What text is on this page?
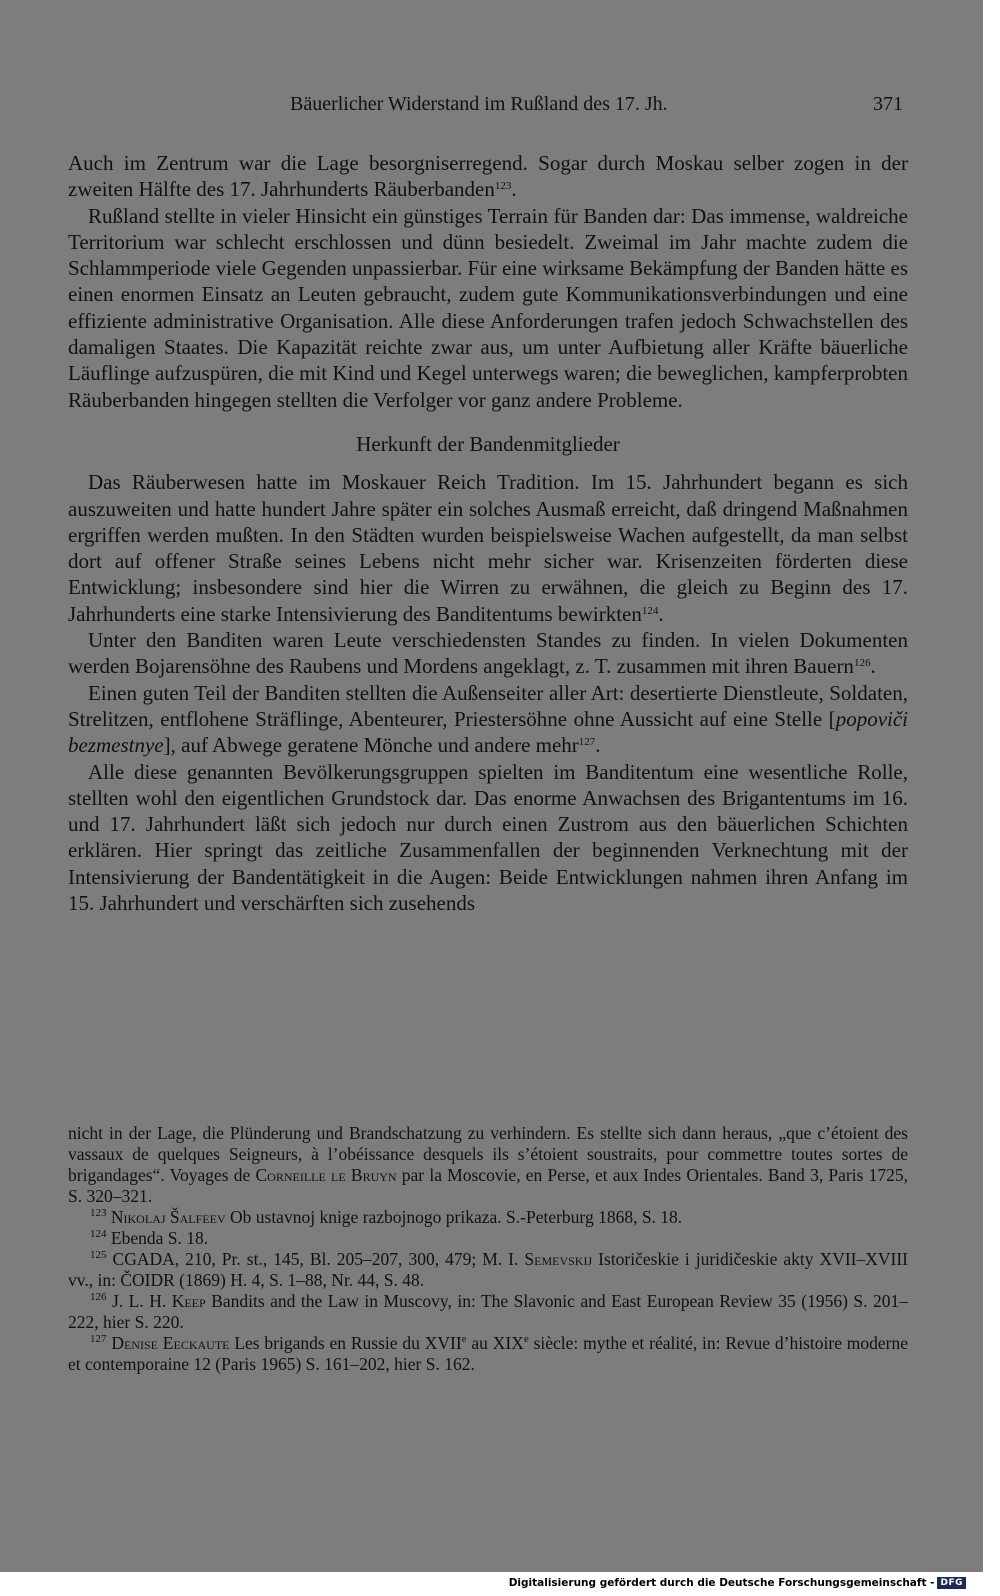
Bäuerlicher Widerstand im Rußland des 17. Jh.	371

Auch im Zentrum war die Lage besorgniserregend. Sogar durch Moskau selber zogen in der zweiten Hälfte des 17. Jahrhunderts Räuberbanden$^{123}$.

Rußland stellte in vieler Hinsicht ein günstiges Terrain für Banden dar: Das immense, waldreiche Territorium war schlecht erschlossen und dünn besiedelt. Zweimal im Jahr machte zudem die Schlammperiode viele Gegenden unpassierbar. Für eine wirksame Bekämpfung der Banden hätte es einen enormen Einsatz an Leuten gebraucht, zudem gute Kommunikationsverbindungen und eine effiziente administrative Organisation. Alle diese Anforderungen trafen jedoch Schwachstellen des damaligen Staates. Die Kapazität reichte zwar aus, um unter Aufbietung aller Kräfte bäuerliche Läuflinge aufzuspüren, die mit Kind und Kegel unterwegs waren; die beweglichen, kampferprobten Räuberbanden hingegen stellten die Verfolger vor ganz andere Probleme.

Herkunft der Bandenmitglieder

Das Räuberwesen hatte im Moskauer Reich Tradition. Im 15. Jahrhundert begann es sich auszuweiten und hatte hundert Jahre später ein solches Ausmaß erreicht, daß dringend Maßnahmen ergriffen werden mußten. In den Städten wurden beispielsweise Wachen aufgestellt, da man selbst dort auf offener Straße seines Lebens nicht mehr sicher war. Krisenzeiten förderten diese Entwicklung; insbesondere sind hier die Wirren zu erwähnen, die gleich zu Beginn des 17. Jahrhunderts eine starke Intensivierung des Banditentums bewirkten$^{124}$.

Unter den Banditen waren Leute verschiedensten Standes zu finden. In vielen Dokumenten werden Bojarensöhne des Raubens und Mordens angeklagt, z. T. zusammen mit ihren Bauern$^{126}$.

Einen guten Teil der Banditen stellten die Außenseiter aller Art: desertierte Dienstleute, Soldaten, Strelitzen, entflohene Sträflinge, Abenteurer, Priestersöhne ohne Aussicht auf eine Stelle [popoviči bezmestnye], auf Abwege geratene Mönche und andere mehr$^{127}$.

Alle diese genannten Bevölkerungsgruppen spielten im Banditentum eine wesentliche Rolle, stellten wohl den eigentlichen Grundstock dar. Das enorme Anwachsen des Brigantentums im 16. und 17. Jahrhundert läßt sich jedoch nur durch einen Zustrom aus den bäuerlichen Schichten erklären. Hier springt das zeitliche Zusammenfallen der beginnenden Verknechtung mit der Intensivierung der Bandentätigkeit in die Augen: Beide Entwicklungen nahmen ihren Anfang im 15. Jahrhundert und verschärften sich zusehends

nicht in der Lage, die Plünderung und Brandschatzung zu verhindern. Es stellte sich dann heraus, „que c’étoient des vassaux de quelques Seigneurs, à l’obéissance desquels ils s’étoient soustraits, pour commettre toutes sortes de brigandages“. Voyages de Corneille le Bruyn par la Moscovie, en Perse, et aux Indes Orientales. Band 3, Paris 1725, S. 320–321.

$^{123}$ Nikolaj Šalfeev Ob ustavnoj knige razbojnogo prikaza. S.-Peterburg 1868, S. 18.

$^{124}$ Ebenda S. 18.

$^{125}$ CGADA, 210, Pr. st., 145, Bl. 205–207, 300, 479; M. I. Semevskij Istoričeskie i juridičeskie akty XVII–XVIII vv., in: ČOIDR (1869) H. 4, S. 1–88, Nr. 44, S. 48.

$^{126}$ J. L. H. Keep Bandits and the Law in Muscovy, in: The Slavonic and East European Review 35 (1956) S. 201–222, hier S. 220.

$^{127}$ Denise Eeckaute Les brigands en Russie du XVIIe au XIXe siècle: mythe et réalité, in: Revue d’histoire moderne et contemporaine 12 (Paris 1965) S. 161–202, hier S. 162.

Digitalisierung gefördert durch die Deutsche Forschungsgemeinschaft - DFG
